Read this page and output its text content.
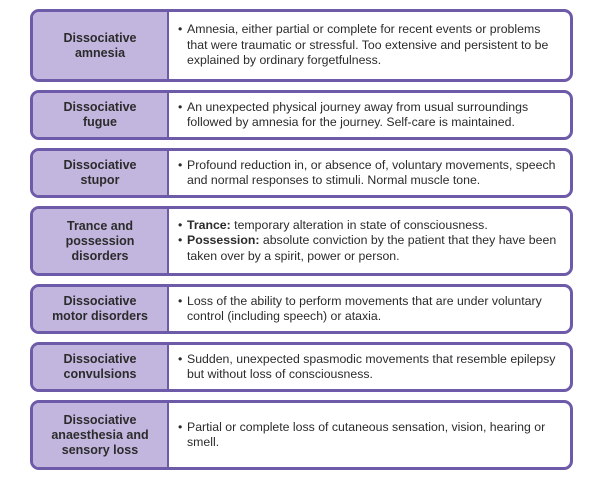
Dissociative
amnesia
• Amnesia, either partial or complete for recent events or problems that were traumatic or stressful. Too extensive and persistent to be explained by ordinary forgetfulness.
Dissociative
fugue
• An unexpected physical journey away from usual surroundings followed by amnesia for the journey. Self-care is maintained.
Dissociative
stupor
• Profound reduction in, or absence of, voluntary movements, speech and normal responses to stimuli. Normal muscle tone.
Trance and
possession
disorders
• Trance: temporary alteration in state of consciousness.
• Possession: absolute conviction by the patient that they have been taken over by a spirit, power or person.
Dissociative
motor disorders
• Loss of the ability to perform movements that are under voluntary control (including speech) or ataxia.
Dissociative
convulsions
• Sudden, unexpected spasmodic movements that resemble epilepsy but without loss of consciousness.
Dissociative
anaesthesia and
sensory loss
• Partial or complete loss of cutaneous sensation, vision, hearing or smell.
